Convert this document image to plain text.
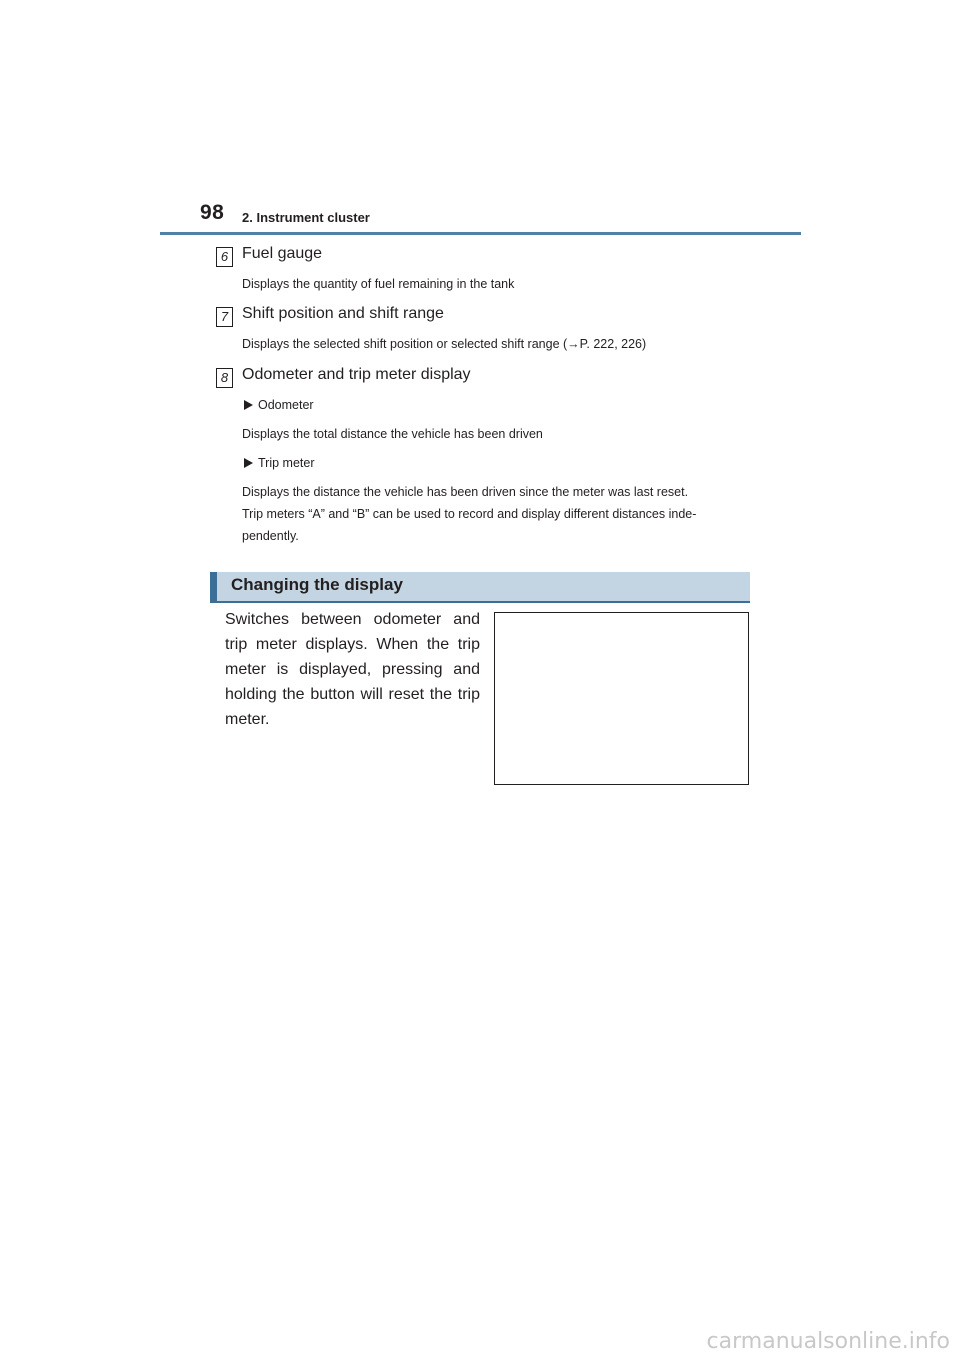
98 2. Instrument cluster
6 Fuel gauge
Displays the quantity of fuel remaining in the tank
7 Shift position and shift range
Displays the selected shift position or selected shift range (→P. 222, 226)
8 Odometer and trip meter display
Odometer
Displays the total distance the vehicle has been driven
Trip meter
Displays the distance the vehicle has been driven since the meter was last reset.
Trip meters “A” and “B” can be used to record and display different distances inde-
pendently.
Changing the display
Switches between odometer and trip meter displays. When the trip meter is displayed, pressing and holding the button will reset the trip meter.
carmanualsonline.info
